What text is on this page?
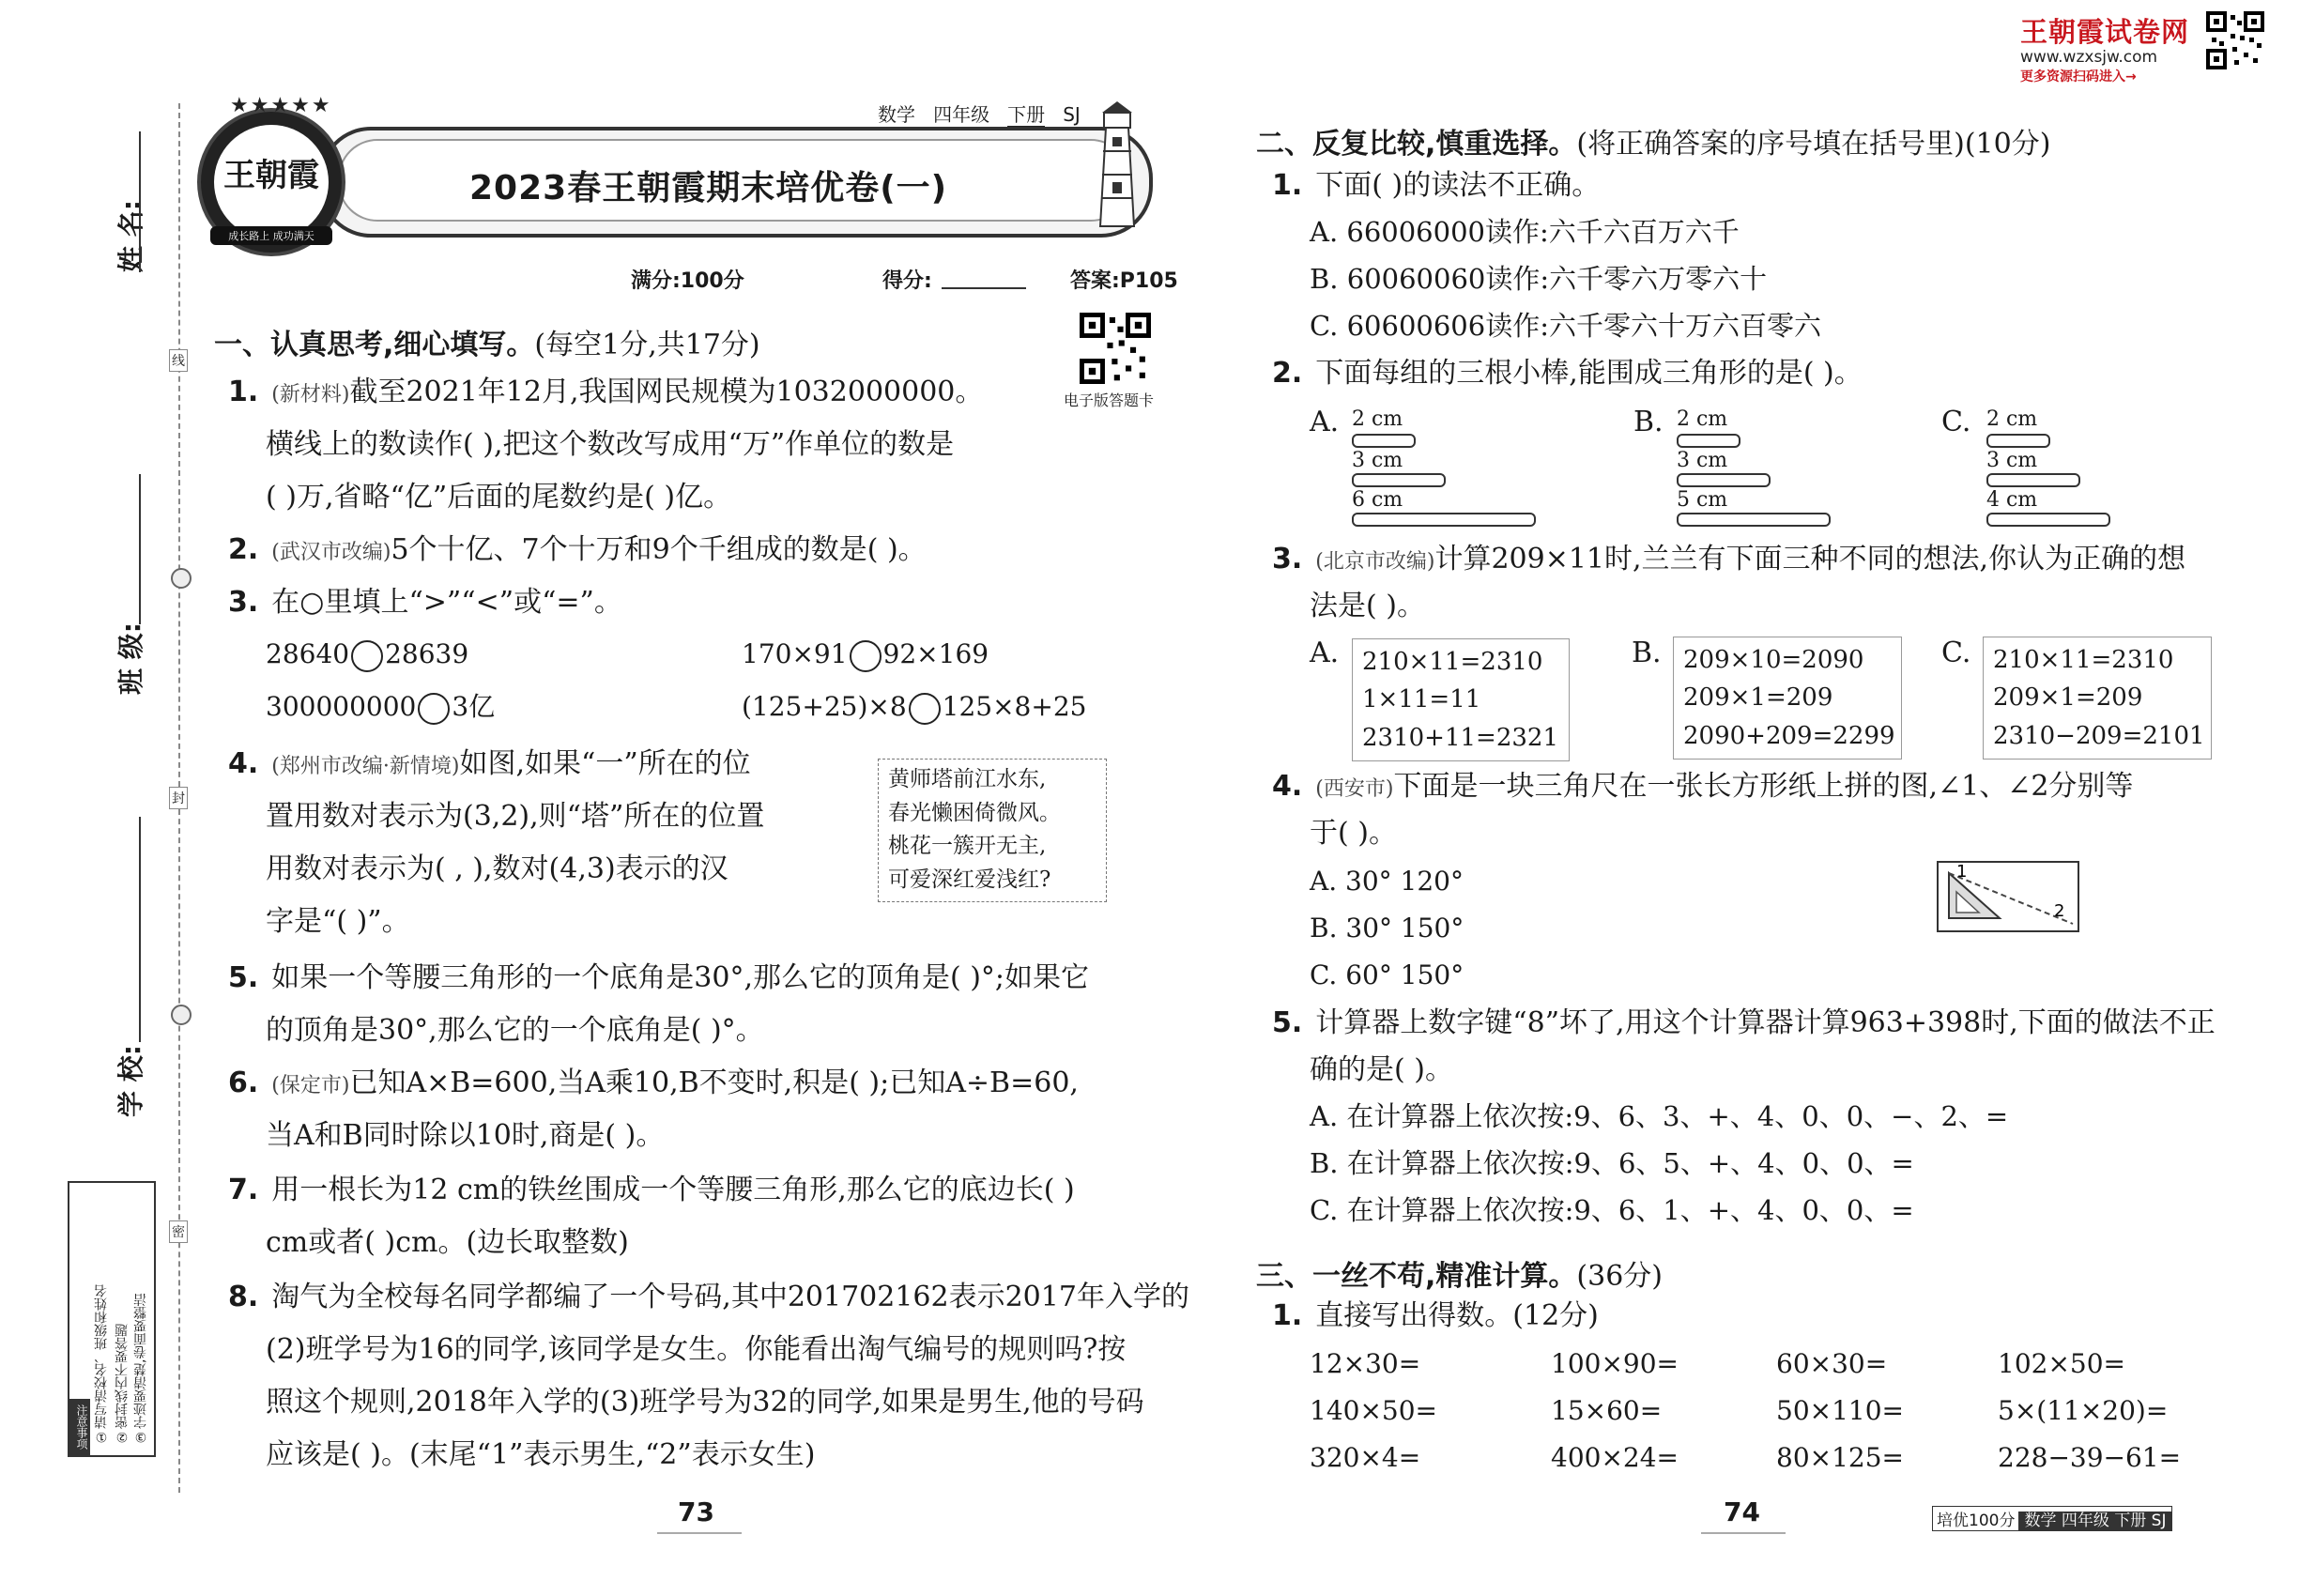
王朝霞试卷网
www.wzxsjw.com
更多资源扫码进入→
姓 名:
班 级:
学 校:
线
封
密
注意事项 ①请写清校名、班级和姓名 ②密封线内不要答题 ③字迹要清楚,卷面要整洁
数学 四年级 下册 SJ
2023春王朝霞期末培优卷(一)
王朝霞
成长路上 成功满天
★★★★★
满分:100分	得分:	答案:P105
电子版答题卡
一、认真思考,细心填写。(每空1分,共17分)
1. (新材料)截至2021年12月,我国网民规模为1032000000。
横线上的数读作( ),把这个数改写成用“万”作单位的数是
( )万,省略“亿”后面的尾数约是( )亿。
2. (武汉市改编)5个十亿、7个十万和9个千组成的数是( )。
3. 在○里填上“>”“<”或“=”。
28640 28639	170×91 92×169
300000000 3亿	(125+25)×8 125×8+25
4. (郑州市改编·新情境)如图,如果“一”所在的位
置用数对表示为(3,2),则“塔”所在的位置
用数对表示为( , ),数对(4,3)表示的汉
字是“( )”。
黄师塔前江水东,
春光懒困倚微风。
桃花一簇开无主,
可爱深红爱浅红?
5. 如果一个等腰三角形的一个底角是30°,那么它的顶角是( )°;如果它
的顶角是30°,那么它的一个底角是( )°。
6. (保定市)已知A×B=600,当A乘10,B不变时,积是( );已知A÷B=60,
当A和B同时除以10时,商是( )。
7. 用一根长为12 cm的铁丝围成一个等腰三角形,那么它的底边长( )
cm或者( )cm。(边长取整数)
8. 淘气为全校每名同学都编了一个号码,其中201702162表示2017年入学的
(2)班学号为16的同学,该同学是女生。你能看出淘气编号的规则吗?按
照这个规则,2018年入学的(3)班学号为32的同学,如果是男生,他的号码
应该是( )。(末尾“1”表示男生,“2”表示女生)
73
二、反复比较,慎重选择。(将正确答案的序号填在括号里)(10分)
1. 下面( )的读法不正确。
A. 66006000读作:六千六百万六千
B. 60060060读作:六千零六万零六十
C. 60600606读作:六千零六十万六百零六
2. 下面每组的三根小棒,能围成三角形的是( )。
A. 2 cm
3 cm
6 cm
B. 2 cm
3 cm
5 cm
C. 2 cm
3 cm
4 cm
3. (北京市改编)计算209×11时,兰兰有下面三种不同的想法,你认为正确的想
法是( )。
A. 210×11=2310
1×11=11
2310+11=2321
B. 209×10=2090
209×1=209
2090+209=2299
C. 210×11=2310
209×1=209
2310−209=2101
4. (西安市)下面是一块三角尺在一张长方形纸上拼的图,∠1、∠2分别等
于( )。
A. 30° 120°
B. 30° 150°
C. 60° 150°
1
2
5. 计算器上数字键“8”坏了,用这个计算器计算963+398时,下面的做法不正
确的是( )。
A. 在计算器上依次按:9、6、3、+、4、0、0、−、2、=
B. 在计算器上依次按:9、6、5、+、4、0、0、=
C. 在计算器上依次按:9、6、1、+、4、0、0、=
三、一丝不苟,精准计算。(36分)
1. 直接写出得数。(12分)
12×30=	100×90=	60×30=	102×50=
140×50=	15×60=	50×110=	5×(11×20)=
320×4=	400×24=	80×125=	228−39−61=
74	培优100分 数学 四年级 下册 SJ
